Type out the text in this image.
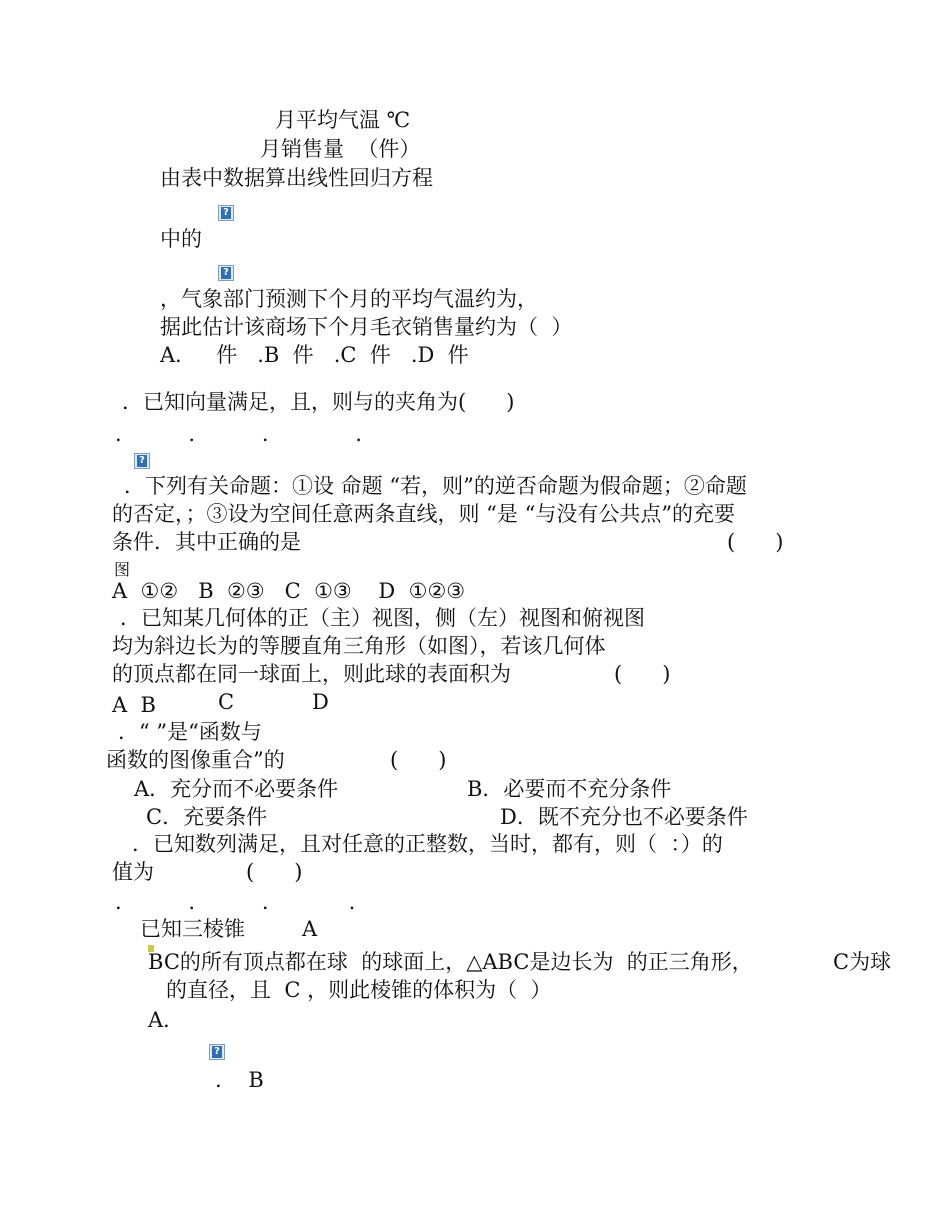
月平均气温 ℃
月销售量  （件）
由表中数据算出线性回归方程
?
中的
?
，气象部门预测下个月的平均气温约为，
据此估计该商场下个月毛衣销售量约为（  ）
A．   件   .B  件   .C  件   .D  件
．已知向量满足，且，则与的夹角为(      )
.          .          .             .
?
．下列有关命题：①设 命题 “若，则”的逆否命题为假命题；②命题
的否定，；③设为空间任意两条直线，则 “是 “与没有公共点”的充要
条件．其中正确的是	(      )
图
A  ①②   B  ②③   C  ①③    D  ①②③
．已知某几何体的正（主）视图，侧（左）视图和俯视图
均为斜边长为的等腰直角三角形（如图），若该几何体
的顶点都在同一球面上，则此球的表面积为	(      )
A  B	C	D
．“ ”是“函数与
函数的图像重合”的	(      )
A．充分而不必要条件	B．必要而不充分条件
C．充要条件	D．既不充分也不必要条件
．已知数列满足，且对任意的正整数，当时，都有，则（  ：）的
值为	(      )
.          .          .            .
已知三棱锥	A
BC的所有顶点都在球  的球面上，△ABC是边长为  的正三角形，	C为球
的直径，且  C ，则此棱锥的体积为（  ）
A．
?
.    B
